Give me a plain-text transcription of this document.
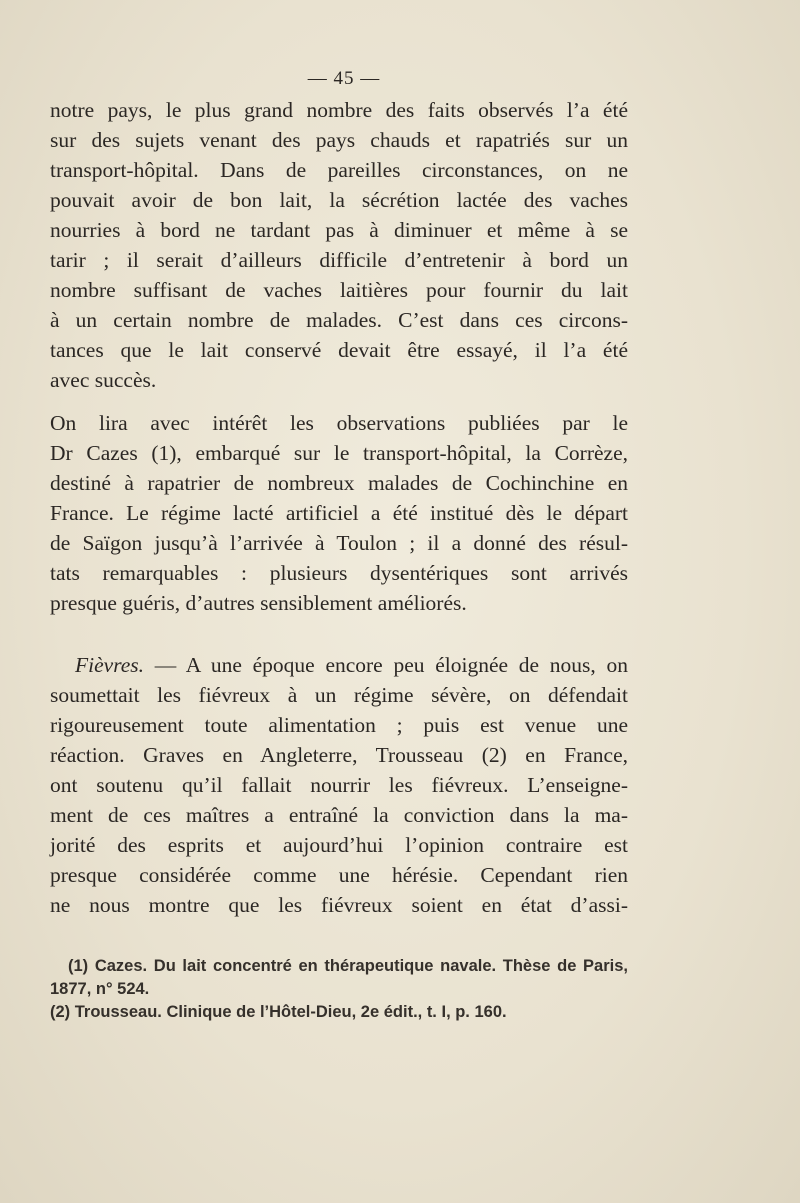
— 45 —
notre pays, le plus grand nombre des faits observés l’a été
sur des sujets venant des pays chauds et rapatriés sur un
transport-hôpital. Dans de pareilles circonstances, on ne
pouvait avoir de bon lait, la sécrétion lactée des vaches
nourries à bord ne tardant pas à diminuer et même à se
tarir ; il serait d’ailleurs difficile d’entretenir à bord un
nombre suffisant de vaches laitières pour fournir du lait
à un certain nombre de malades. C’est dans ces circons-
tances que le lait conservé devait être essayé, il l’a été
avec succès.
On lira avec intérêt les observations publiées par le
Dr Cazes (1), embarqué sur le transport-hôpital, la Corrèze,
destiné à rapatrier de nombreux malades de Cochinchine en
France. Le régime lacté artificiel a été institué dès le départ
de Saïgon jusqu’à l’arrivée à Toulon ; il a donné des résul-
tats remarquables : plusieurs dysentériques sont arrivés
presque guéris, d’autres sensiblement améliorés.
Fièvres. — A une époque encore peu éloignée de nous, on
soumettait les fiévreux à un régime sévère, on défendait
rigoureusement toute alimentation ; puis est venue une
réaction. Graves en Angleterre, Trousseau (2) en France,
ont soutenu qu’il fallait nourrir les fiévreux. L’enseigne-
ment de ces maîtres a entraîné la conviction dans la ma-
jorité des esprits et aujourd’hui l’opinion contraire est
presque considérée comme une hérésie. Cependant rien
ne nous montre que les fiévreux soient en état d’assi-
(1) Cazes. Du lait concentré en thérapeutique navale. Thèse de Paris,
1877, n° 524.
(2) Trousseau. Clinique de l’Hôtel-Dieu, 2e édit., t. I, p. 160.
